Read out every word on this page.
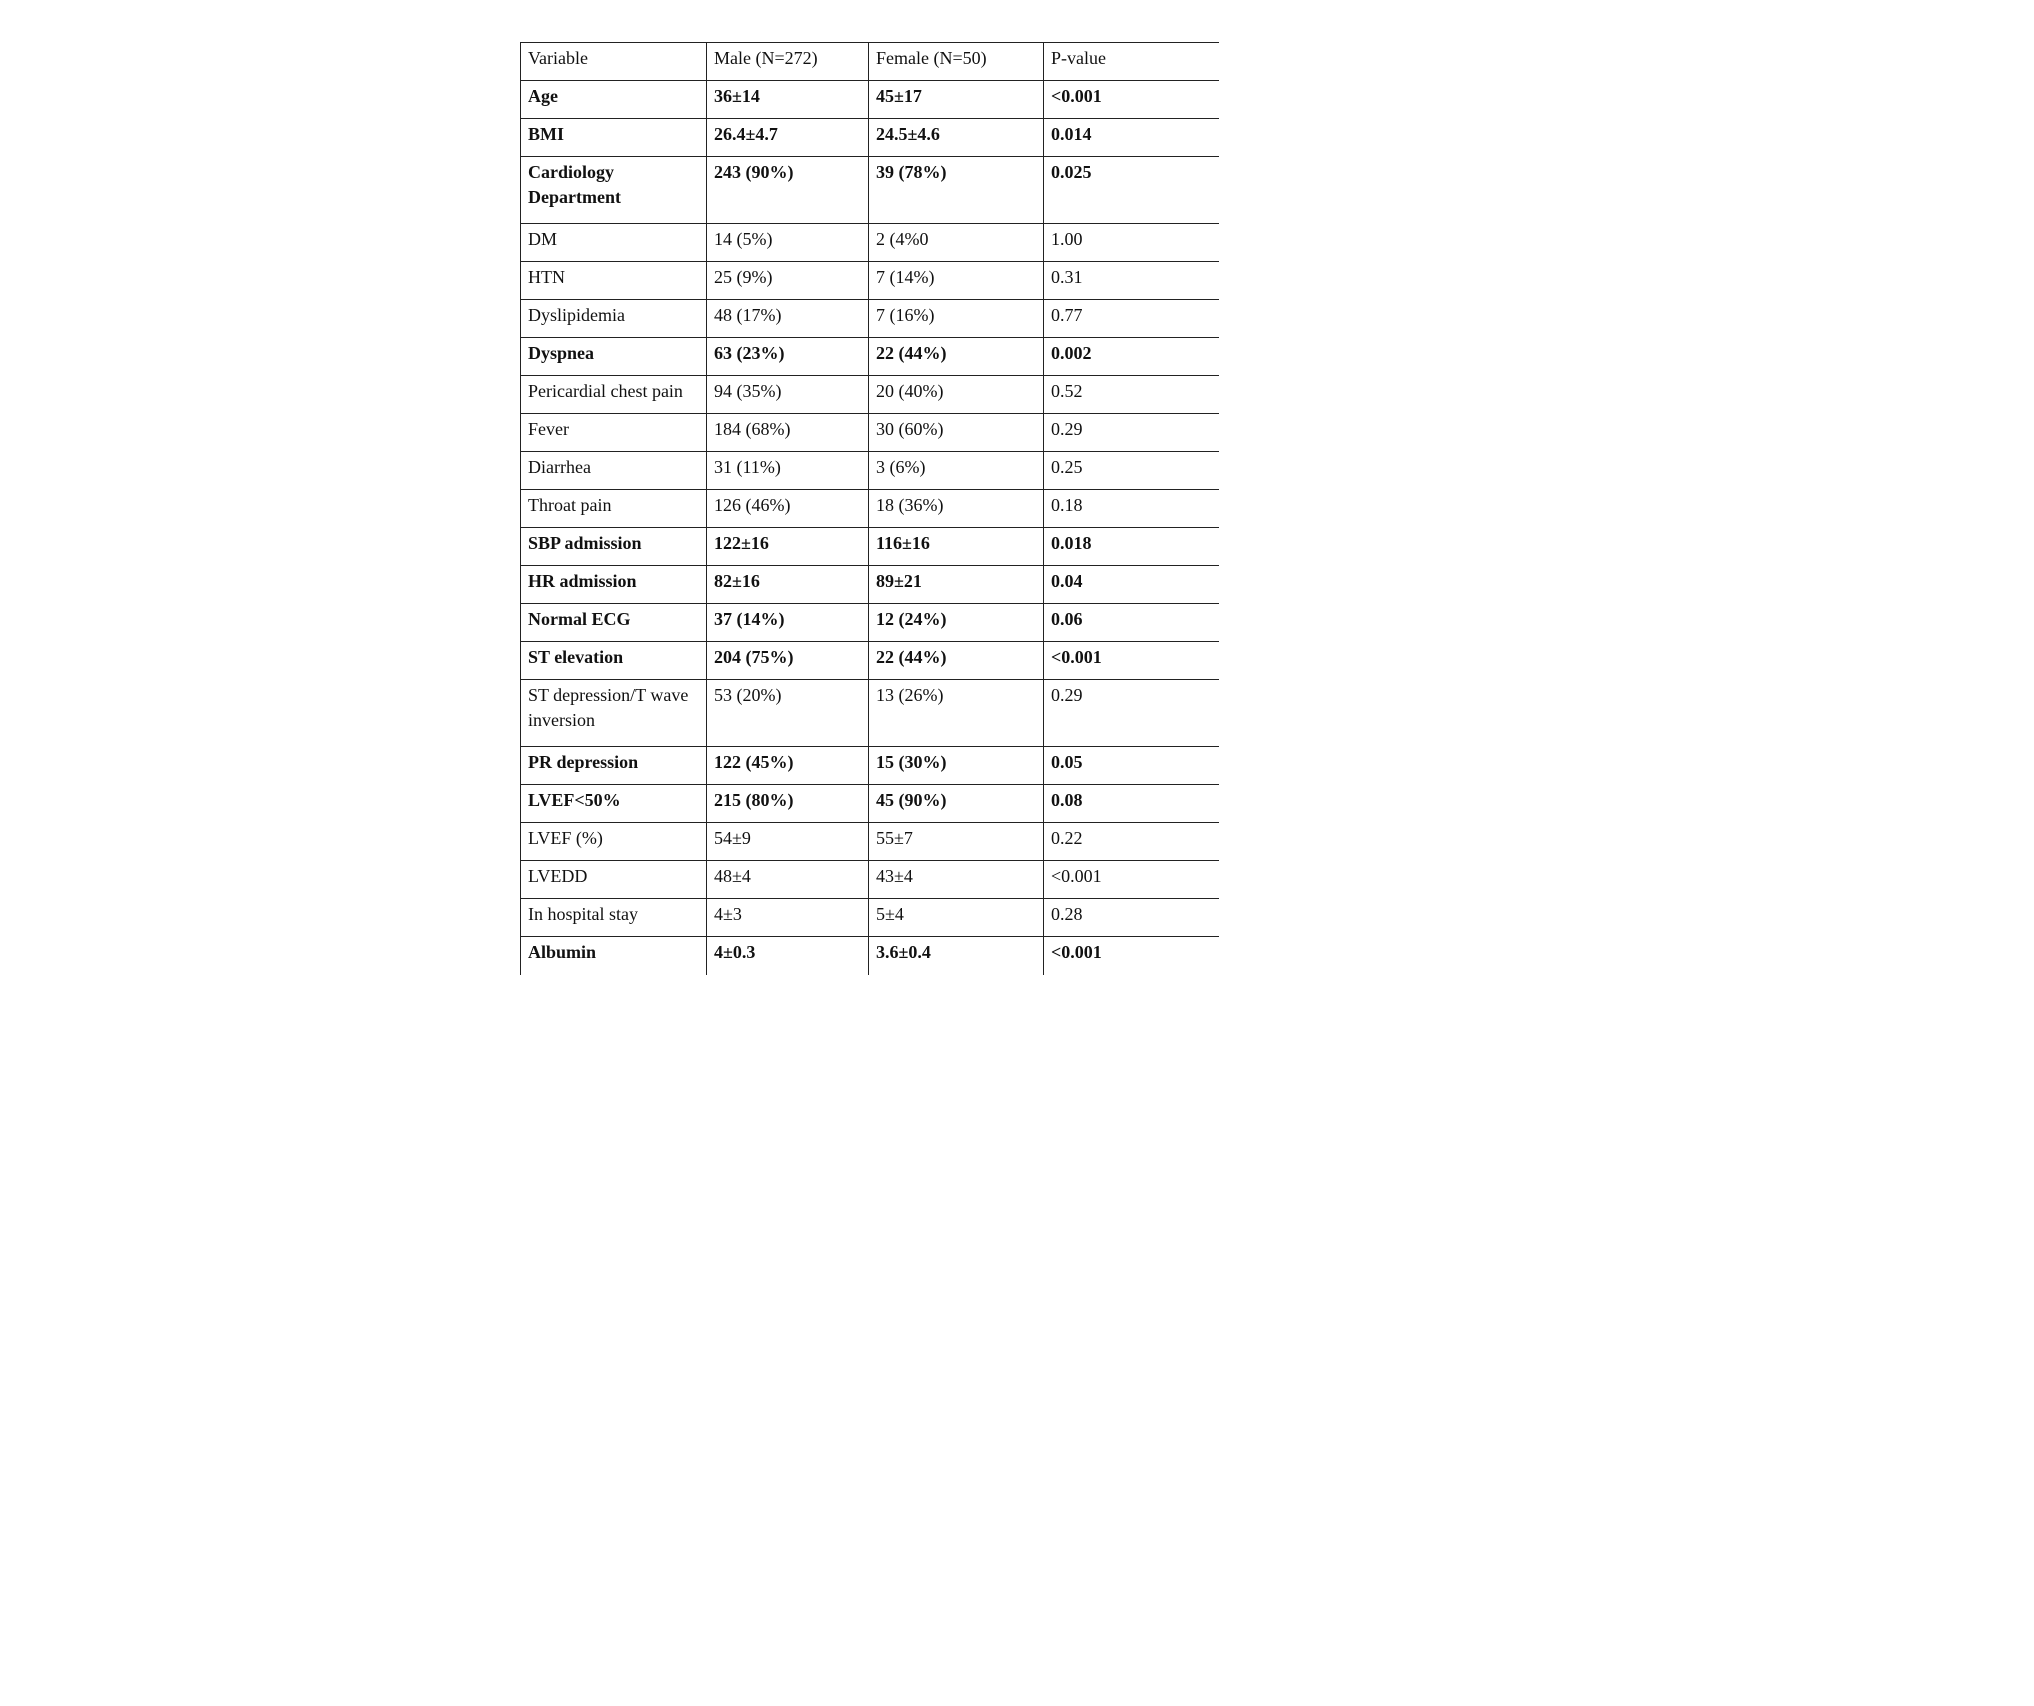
Variable	Male (N=272)	Female (N=50)	P-value
Age	36±14	45±17	<0.001
BMI	26.4±4.7	24.5±4.6	0.014
Cardiology Department	243 (90%)	39 (78%)	0.025
DM	14 (5%)	2 (4%0	1.00
HTN	25 (9%)	7 (14%)	0.31
Dyslipidemia	48 (17%)	7 (16%)	0.77
Dyspnea	63 (23%)	22 (44%)	0.002
Pericardial chest pain	94 (35%)	20 (40%)	0.52
Fever	184 (68%)	30 (60%)	0.29
Diarrhea	31 (11%)	3 (6%)	0.25
Throat pain	126 (46%)	18 (36%)	0.18
SBP admission	122±16	116±16	0.018
HR admission	82±16	89±21	0.04
Normal ECG	37 (14%)	12 (24%)	0.06
ST elevation	204 (75%)	22 (44%)	<0.001
ST depression/T wave inversion	53 (20%)	13 (26%)	0.29
PR depression	122 (45%)	15 (30%)	0.05
LVEF<50%	215 (80%)	45 (90%)	0.08
LVEF (%)	54±9	55±7	0.22
LVEDD	48±4	43±4	<0.001
In hospital stay	4±3	5±4	0.28
Albumin	4±0.3	3.6±0.4	<0.001
